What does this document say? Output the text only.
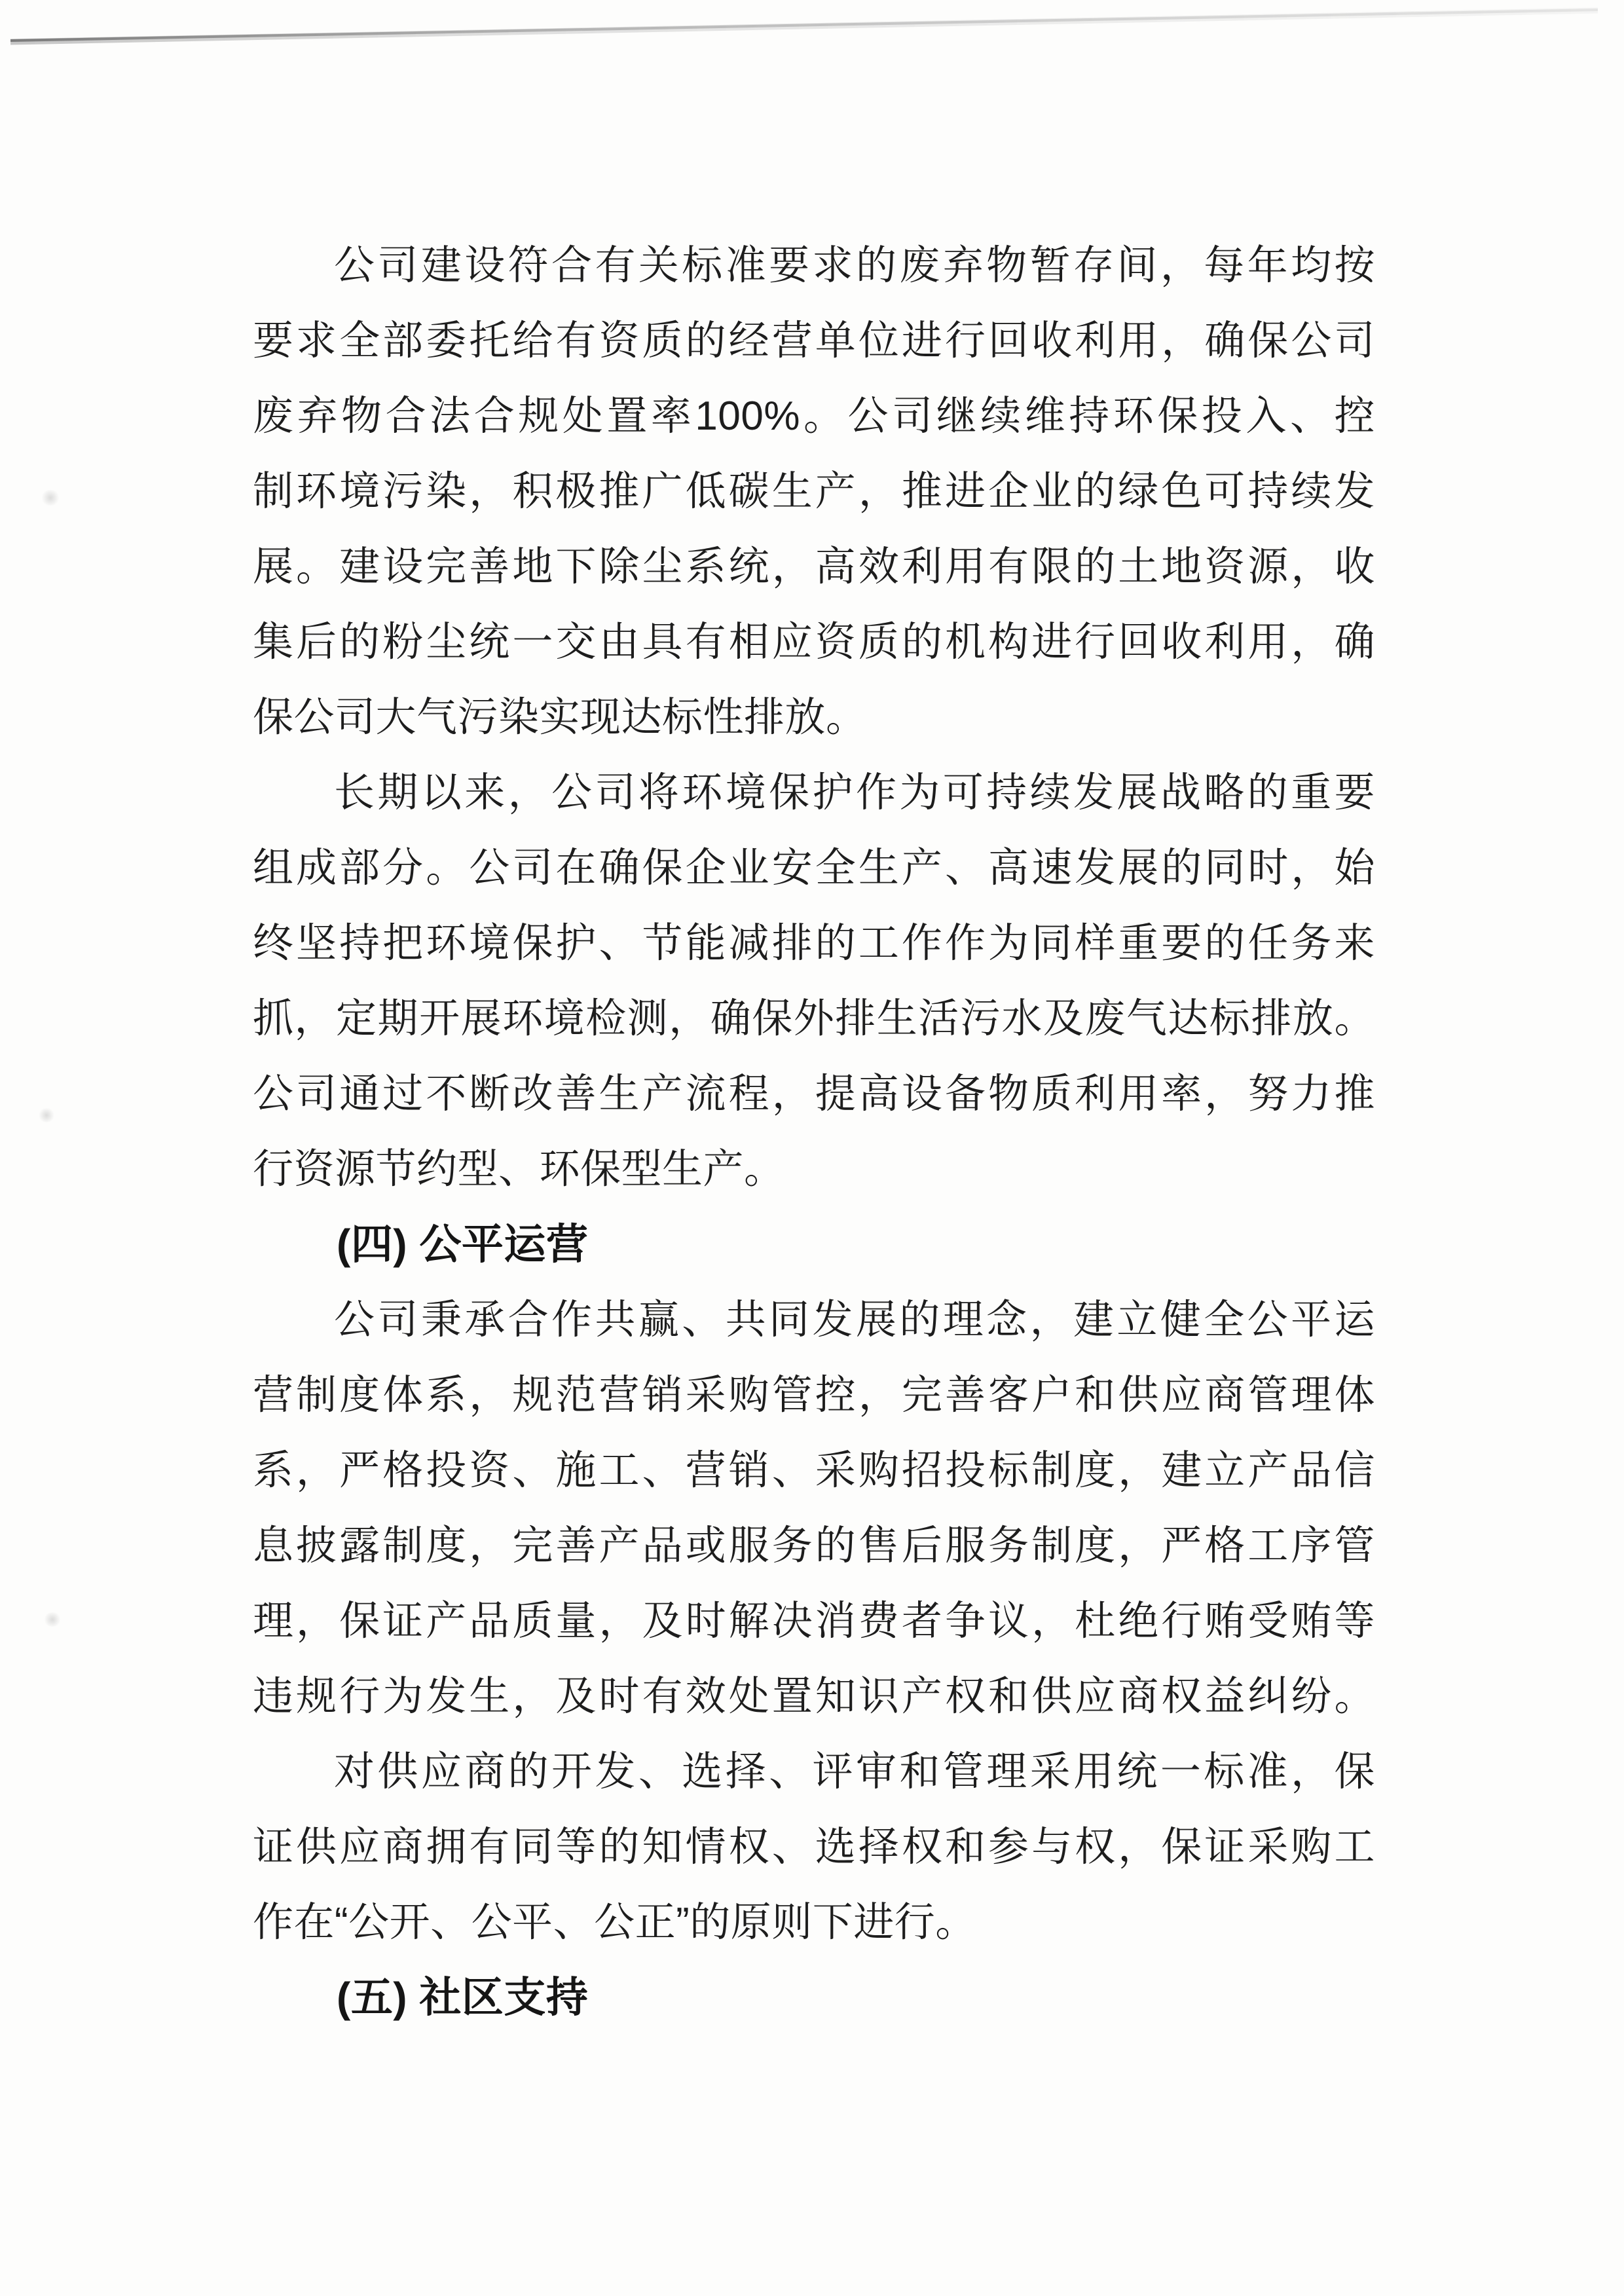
公司建设符合有关标准要求的废弃物暂存间，每年均按
要求全部委托给有资质的经营单位进行回收利用，确保公司
废弃物合法合规处置率100%。公司继续维持环保投入、控
制环境污染，积极推广低碳生产，推进企业的绿色可持续发
展。建设完善地下除尘系统，高效利用有限的土地资源，收
集后的粉尘统一交由具有相应资质的机构进行回收利用，确
保公司大气污染实现达标性排放。
长期以来，公司将环境保护作为可持续发展战略的重要
组成部分。公司在确保企业安全生产、高速发展的同时，始
终坚持把环境保护、节能减排的工作作为同样重要的任务来
抓，定期开展环境检测，确保外排生活污水及废气达标排放。
公司通过不断改善生产流程，提高设备物质利用率，努力推
行资源节约型、环保型生产。
(四) 公平运营
公司秉承合作共赢、共同发展的理念，建立健全公平运
营制度体系，规范营销采购管控，完善客户和供应商管理体
系，严格投资、施工、营销、采购招投标制度，建立产品信
息披露制度，完善产品或服务的售后服务制度，严格工序管
理，保证产品质量，及时解决消费者争议，杜绝行贿受贿等
违规行为发生，及时有效处置知识产权和供应商权益纠纷。
对供应商的开发、选择、评审和管理采用统一标准，保
证供应商拥有同等的知情权、选择权和参与权，保证采购工
作在“公开、公平、公正”的原则下进行。
(五) 社区支持
